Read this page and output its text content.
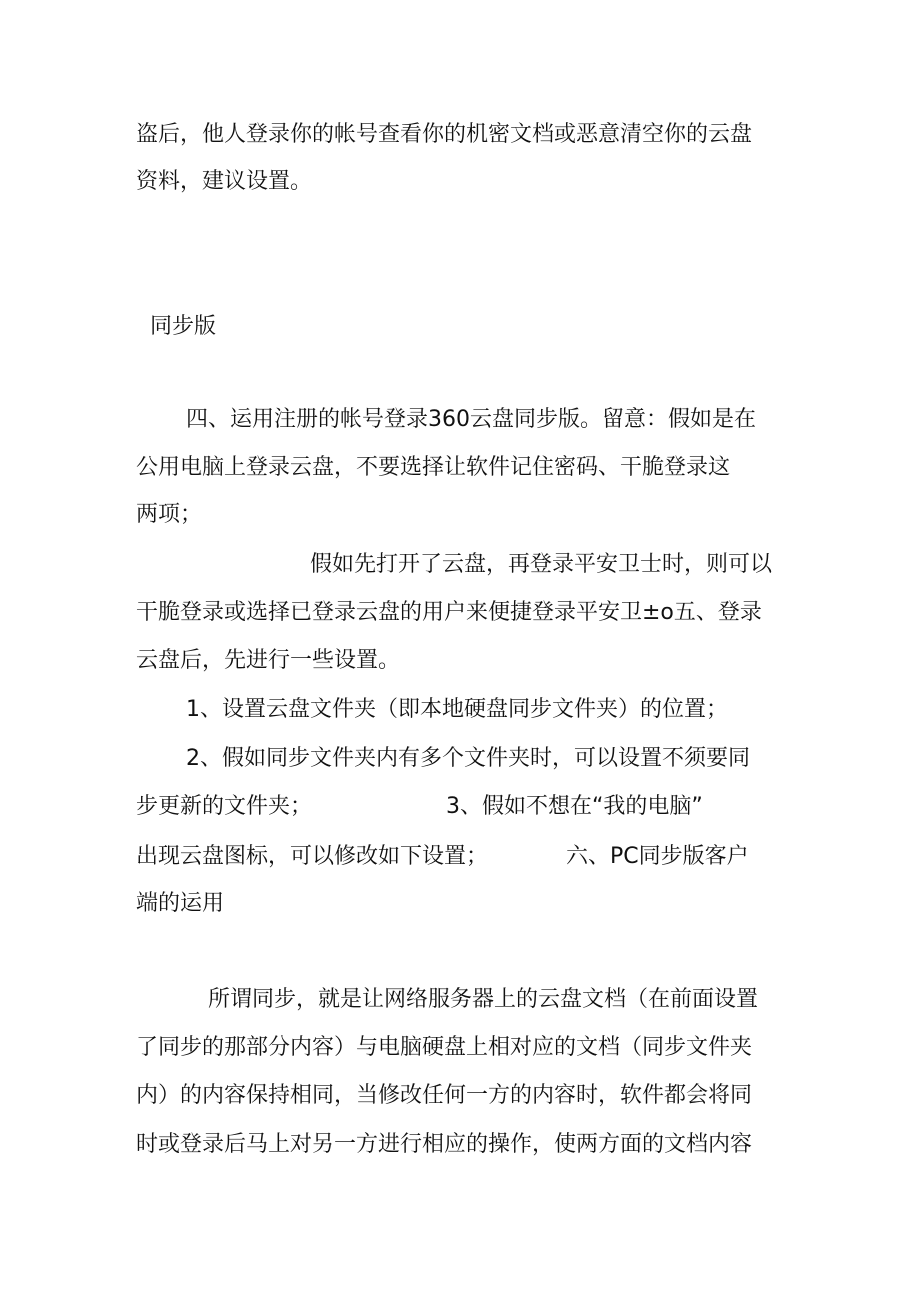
盗后，他人登录你的帐号查看你的机密文档或恶意清空你的云盘
资料，建议设置。
同步版
四、运用注册的帐号登录360云盘同步版。留意：假如是在
公用电脑上登录云盘，不要选择让软件记住密码、干脆登录这
两项；
假如先打开了云盘，再登录平安卫士时，则可以
干脆登录或选择已登录云盘的用户来便捷登录平安卫±o五、登录
云盘后，先进行一些设置。
1、设置云盘文件夹（即本地硬盘同步文件夹）的位置；
2、假如同步文件夹内有多个文件夹时，可以设置不须要同
步更新的文件夹；	3、假如不想在“我的电脑”
出现云盘图标，可以修改如下设置；	六、PC同步版客户
端的运用
所谓同步，就是让网络服务器上的云盘文档（在前面设置
了同步的那部分内容）与电脑硬盘上相对应的文档（同步文件夹
内）的内容保持相同，当修改任何一方的内容时，软件都会将同
时或登录后马上对另一方进行相应的操作，使两方面的文档内容
